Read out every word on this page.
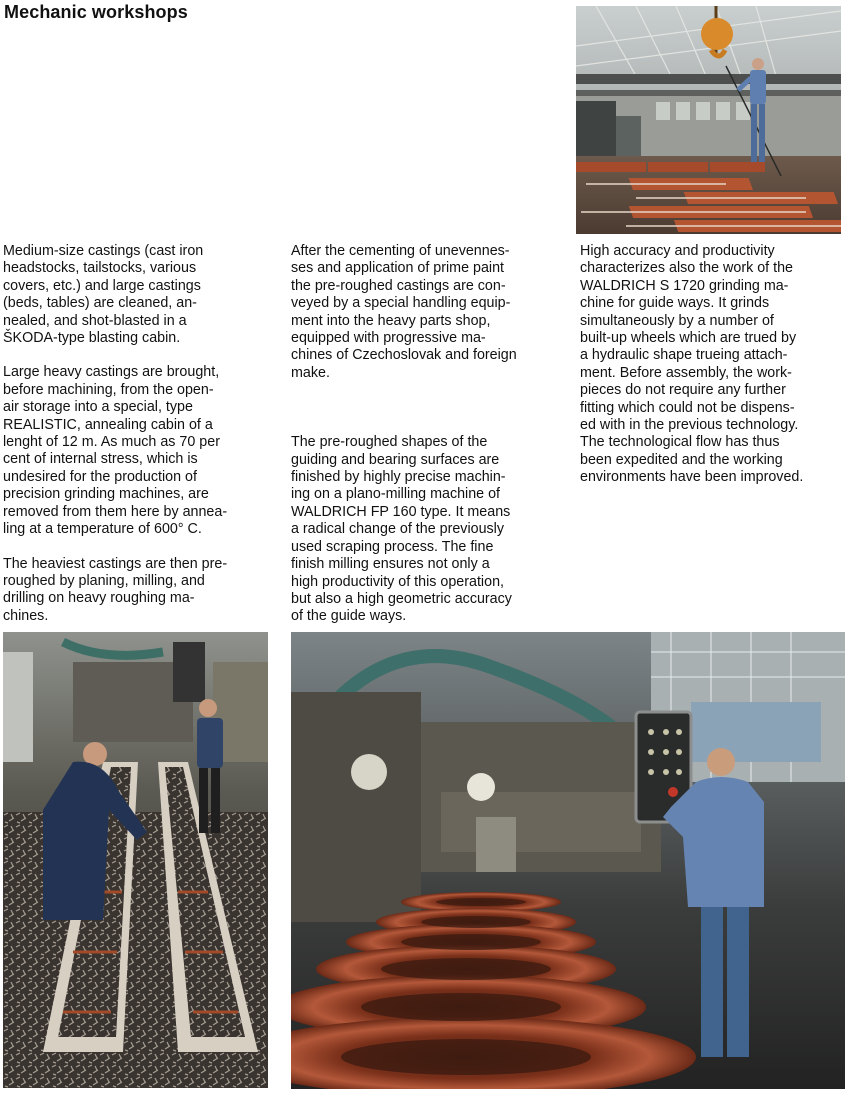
Mechanic workshops

Medium-size castings (cast iron
headstocks, tailstocks, various
covers, etc.) and large castings
(beds, tables) are cleaned, an-
nealed, and shot-blasted in a
ŠKODA-type blasting cabin.

Large heavy castings are brought,
before machining, from the open-
air storage into a special, type
REALISTIC, annealing cabin of a
lenght of 12 m. As much as 70 per
cent of internal stress, which is
undesired for the production of
precision grinding machines, are
removed from them here by annea-
ling at a temperature of 600° C.

The heaviest castings are then pre-
roughed by planing, milling, and
drilling on heavy roughing ma-
chines.

After the cementing of unevennes-
ses and application of prime paint
the pre-roughed castings are con-
veyed by a special handling equip-
ment into the heavy parts shop,
equipped with progressive ma-
chines of Czechoslovak and foreign
make.

The pre-roughed shapes of the
guiding and bearing surfaces are
finished by highly precise machin-
ing on a plano-milling machine of
WALDRICH FP 160 type. It means
a radical change of the previously
used scraping process. The fine
finish milling ensures not only a
high productivity of this operation,
but also a high geometric accuracy
of the guide ways.

High accuracy and productivity
characterizes also the work of the
WALDRICH S 1720 grinding ma-
chine for guide ways. It grinds
simultaneously by a number of
built-up wheels which are trued by
a hydraulic shape trueing attach-
ment. Before assembly, the work-
pieces do not require any further
fitting which could not be dispens-
ed with in the previous technology.
The technological flow has thus
been expedited and the working
environments have been improved.
